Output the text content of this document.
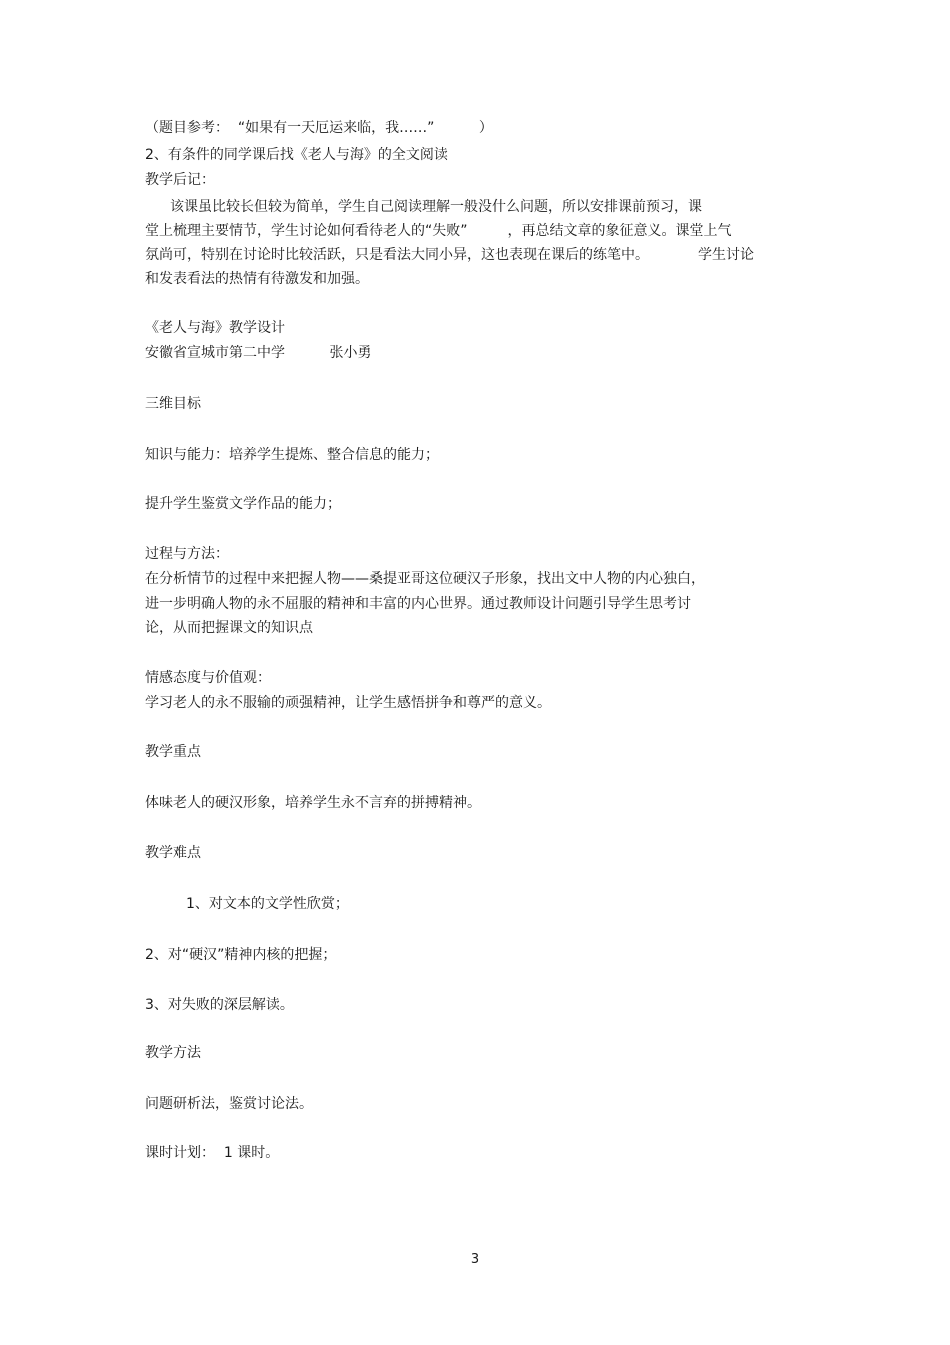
（题目参考：  “如果有一天厄运来临，我……”          ）

2、有条件的同学课后找《老人与海》的全文阅读

教学后记：

该课虽比较长但较为简单，学生自己阅读理解一般没什么问题，所以安排课前预习，课

堂上梳理主要情节，学生讨论如何看待老人的“失败”         ，再总结文章的象征意义。课堂上气

氛尚可，特别在讨论时比较活跃，只是看法大同小异，这也表现在课后的练笔中。           学生讨论

和发表看法的热情有待激发和加强。

《老人与海》教学设计

安徽省宣城市第二中学          张小勇

三维目标

知识与能力：培养学生提炼、整合信息的能力；

提升学生鉴赏文学作品的能力；

过程与方法：

在分析情节的过程中来把握人物——桑提亚哥这位硬汉子形象，找出文中人物的内心独白，

进一步明确人物的永不屈服的精神和丰富的内心世界。通过教师设计问题引导学生思考讨

论，从而把握课文的知识点

情感态度与价值观：

学习老人的永不服输的顽强精神，让学生感悟拼争和尊严的意义。

教学重点

体味老人的硬汉形象，培养学生永不言弃的拼搏精神。

教学难点

1、对文本的文学性欣赏；

2、对“硬汉”精神内核的把握；

3、对失败的深层解读。

教学方法

问题研析法，鉴赏讨论法。

课时计划：  1 课时。

3
